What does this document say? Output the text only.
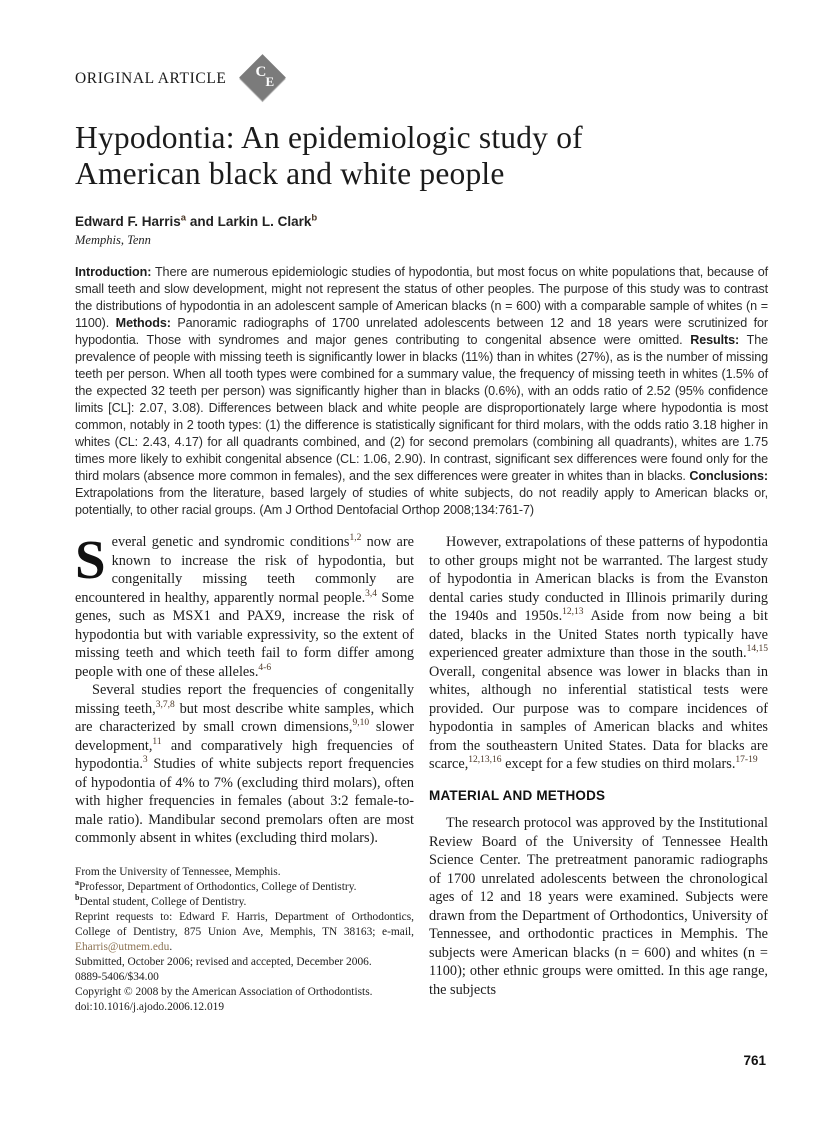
ORIGINAL ARTICLE C
E
Hypodontia: An epidemiologic study of
American black and white people
Edward F. Harris$^a$ and Larkin L. Clark$^b$
Memphis, Tenn

Introduction: There are numerous epidemiologic studies of hypodontia, but most focus on white populations that, because of small teeth and slow development, might not represent the status of other peoples. The purpose of this study was to contrast the distributions of hypodontia in an adolescent sample of American blacks (n = 600) with a comparable sample of whites (n = 1100). Methods: Panoramic radiographs of 1700 unrelated adolescents between 12 and 18 years were scrutinized for hypodontia. Those with syndromes and major genes contributing to congenital absence were omitted. Results: The prevalence of people with missing teeth is significantly lower in blacks (11%) than in whites (27%), as is the number of missing teeth per person. When all tooth types were combined for a summary value, the frequency of missing teeth in whites (1.5% of the expected 32 teeth per person) was significantly higher than in blacks (0.6%), with an odds ratio of 2.52 (95% confidence limits [CL]: 2.07, 3.08). Differences between black and white people are disproportionately large where hypodontia is most common, notably in 2 tooth types: (1) the difference is statistically significant for third molars, with the odds ratio 3.18 higher in whites (CL: 2.43, 4.17) for all quadrants combined, and (2) for second premolars (combining all quadrants), whites are 1.75 times more likely to exhibit congenital absence (CL: 1.06, 2.90). In contrast, significant sex differences were found only for the third molars (absence more common in females), and the sex differences were greater in whites than in blacks. Conclusions: Extrapolations from the literature, based largely of studies of white subjects, do not readily apply to American blacks or, potentially, to other racial groups. (Am J Orthod Dentofacial Orthop 2008;134:761-7)

Several genetic and syndromic conditions$^{1,2}$ now are known to increase the risk of hypodontia, but congenitally missing teeth commonly are encountered in healthy, apparently normal people.$^{3,4}$ Some genes, such as MSX1 and PAX9, increase the risk of hypodontia but with variable expressivity, so the extent of missing teeth and which teeth fail to form differ among people with one of these alleles.$^{4-6}$

Several studies report the frequencies of congenitally missing teeth,$^{3,7,8}$ but most describe white samples, which are characterized by small crown dimensions,$^{9,10}$ slower development,$^{11}$ and comparatively high frequencies of hypodontia.$^3$ Studies of white subjects report frequencies of hypodontia of 4% to 7% (excluding third molars), often with higher frequencies in females (about 3:2 female-to-male ratio). Mandibular second premolars often are most commonly absent in whites (excluding third molars).

From the University of Tennessee, Memphis.
$^a$Professor, Department of Orthodontics, College of Dentistry.
$^b$Dental student, College of Dentistry.
Reprint requests to: Edward F. Harris, Department of Orthodontics, College of Dentistry, 875 Union Ave, Memphis, TN 38163; e-mail, Eharris@utmem.edu.
Submitted, October 2006; revised and accepted, December 2006.
0889-5406/$34.00
Copyright © 2008 by the American Association of Orthodontists.
doi:10.1016/j.ajodo.2006.12.019

However, extrapolations of these patterns of hypodontia to other groups might not be warranted. The largest study of hypodontia in American blacks is from the Evanston dental caries study conducted in Illinois primarily during the 1940s and 1950s.$^{12,13}$ Aside from now being a bit dated, blacks in the United States north typically have experienced greater admixture than those in the south.$^{14,15}$ Overall, congenital absence was lower in blacks than in whites, although no inferential statistical tests were provided. Our purpose was to compare incidences of hypodontia in samples of American blacks and whites from the southeastern United States. Data for blacks are scarce,$^{12,13,16}$ except for a few studies on third molars.$^{17-19}$

MATERIAL AND METHODS

The research protocol was approved by the Institutional Review Board of the University of Tennessee Health Science Center. The pretreatment panoramic radiographs of 1700 unrelated adolescents between the chronological ages of 12 and 18 years were examined. Subjects were drawn from the Department of Orthodontics, University of Tennessee, and orthodontic practices in Memphis. The subjects were American blacks (n = 600) and whites (n = 1100); other ethnic groups were omitted. In this age range, the subjects

761
